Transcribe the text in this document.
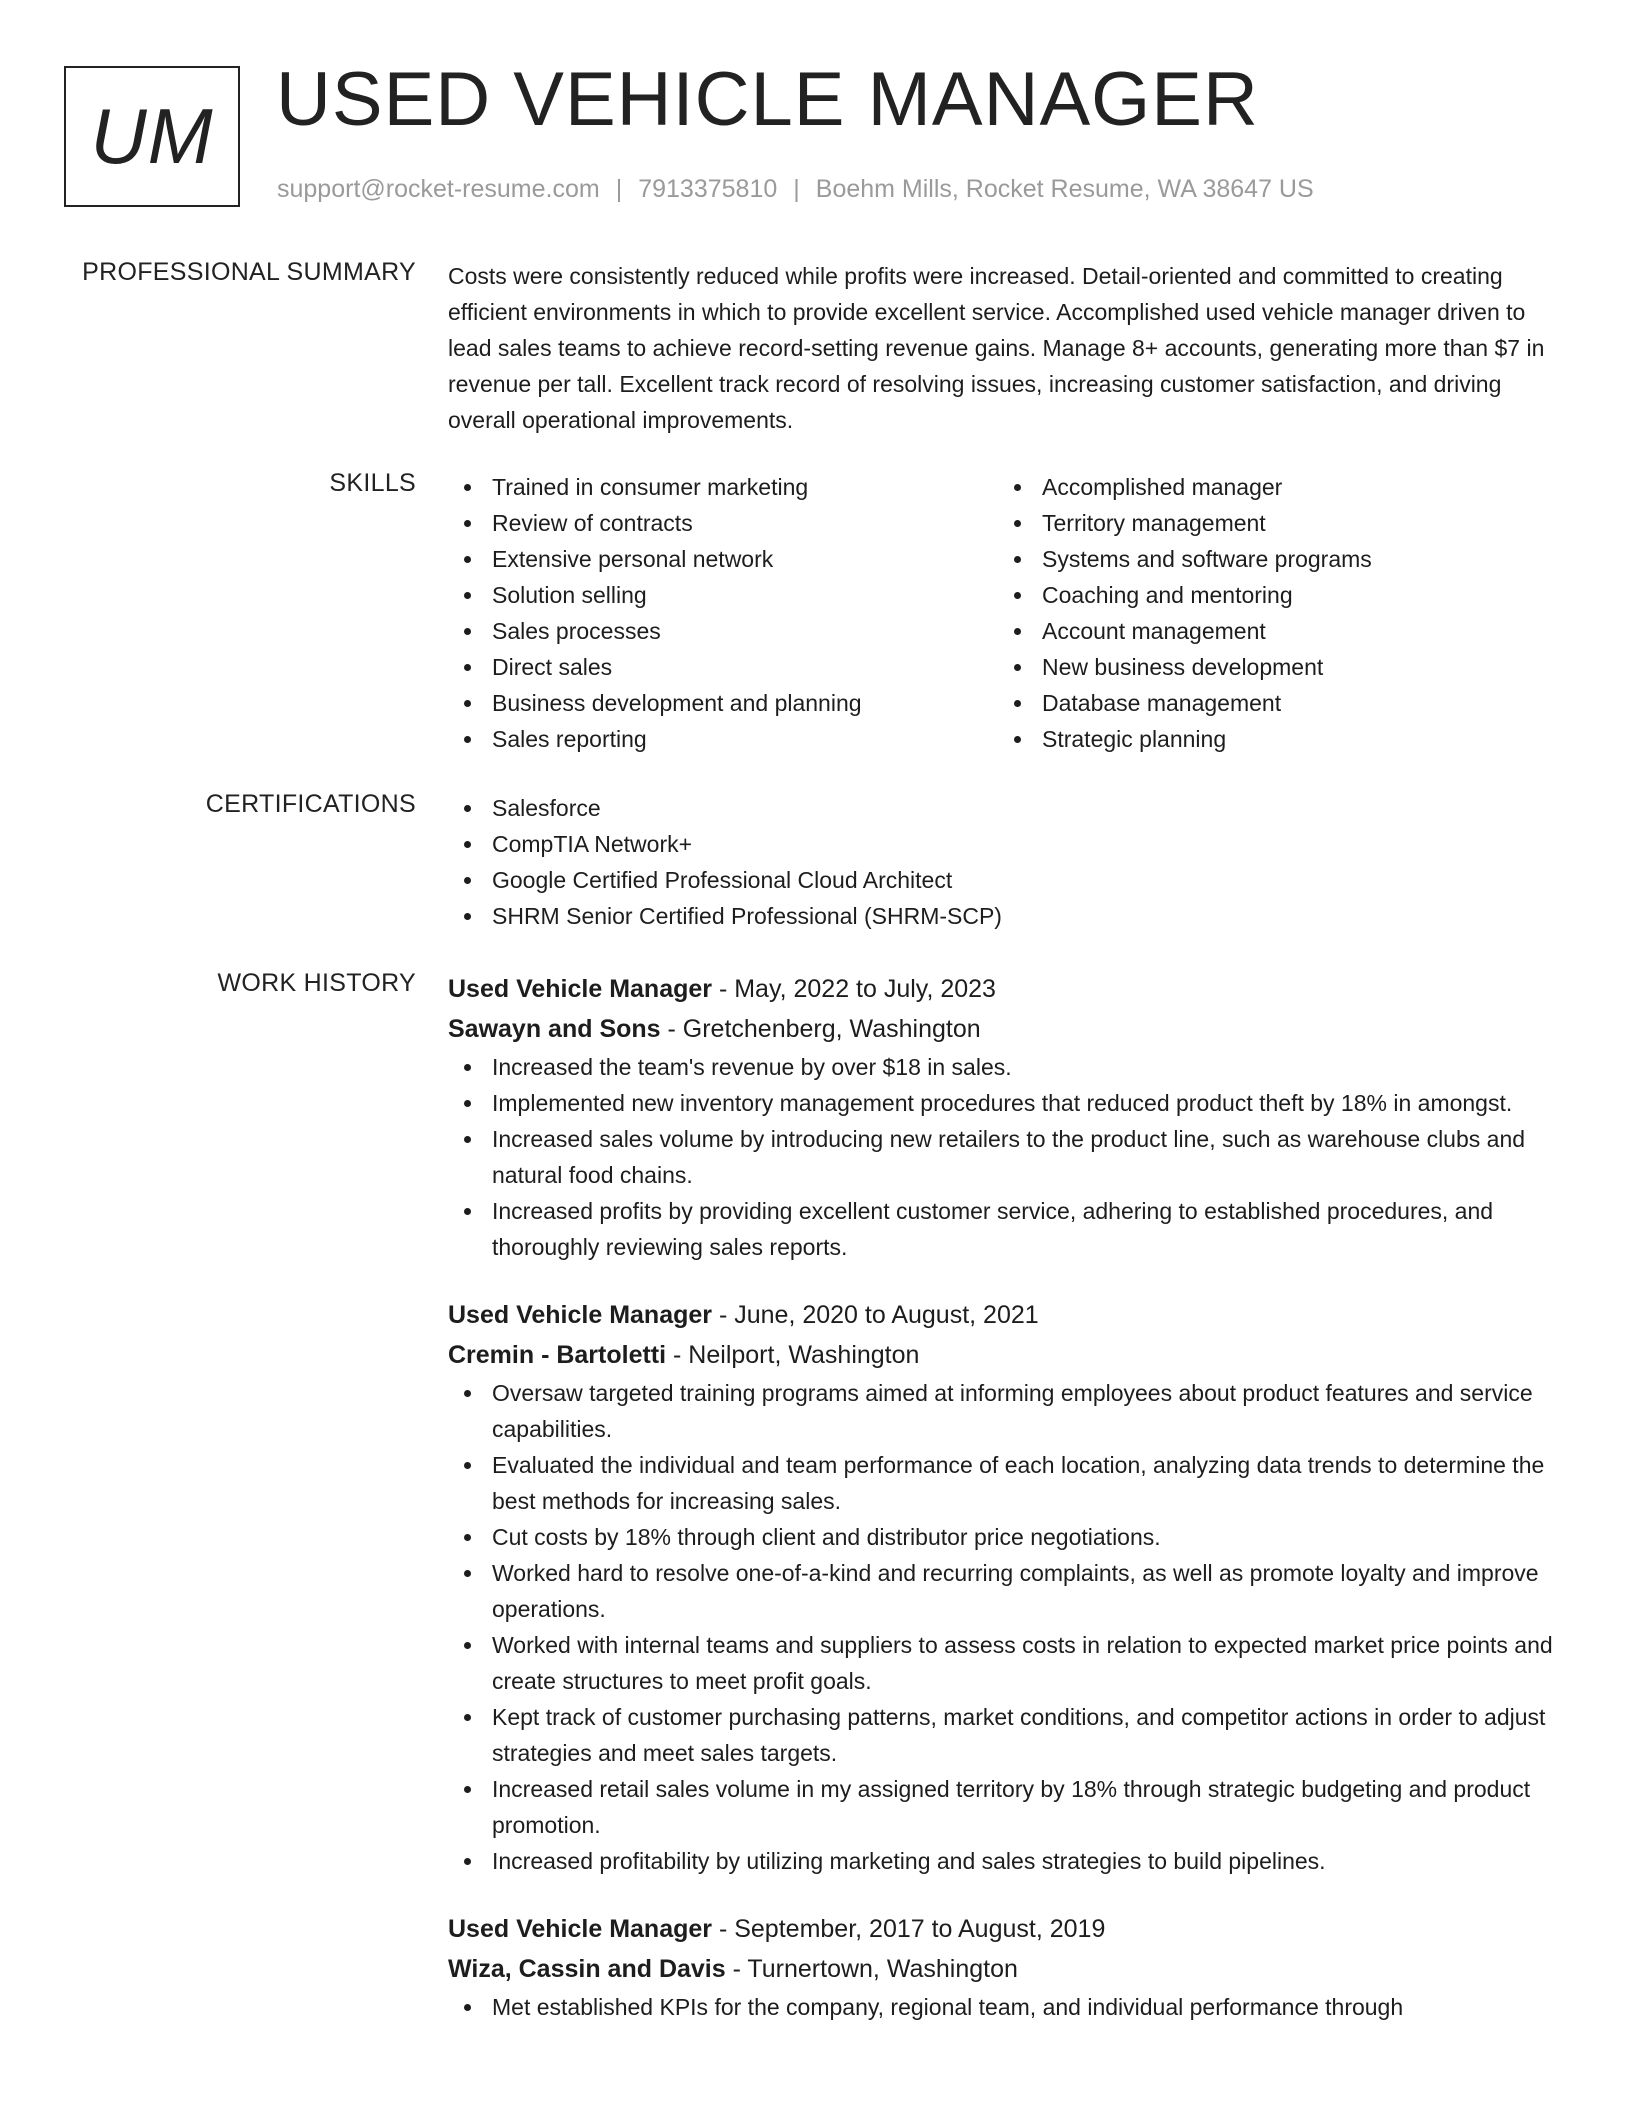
UM USED VEHICLE MANAGER
support@rocket-resume.com | 7913375810 | Boehm Mills, Rocket Resume, WA 38647 US
PROFESSIONAL SUMMARY Costs were consistently reduced while profits were increased. Detail-oriented and committed to creating efficient environments in which to provide excellent service. Accomplished used vehicle manager driven to lead sales teams to achieve record-setting revenue gains. Manage 8+ accounts, generating more than $7 in revenue per tall. Excellent track record of resolving issues, increasing customer satisfaction, and driving overall operational improvements.

SKILLS	Trained in consumer marketing
Review of contracts
Extensive personal network
Solution selling
Sales processes
Direct sales
Business development and planning
Sales reporting
Accomplished manager
Territory management
Systems and software programs
Coaching and mentoring
Account management
New business development
Database management
Strategic planning
CERTIFICATIONS	Salesforce
CompTIA Network+
Google Certified Professional Cloud Architect
SHRM Senior Certified Professional (SHRM-SCP)
WORK HISTORY Used Vehicle Manager - May, 2022 to July, 2023
Sawayn and Sons - Gretchenberg, Washington
Increased the team's revenue by over $18 in sales.
Implemented new inventory management procedures that reduced product theft by 18% in amongst.
Increased sales volume by introducing new retailers to the product line, such as warehouse clubs and natural food chains.
Increased profits by providing excellent customer service, adhering to established procedures, and thoroughly reviewing sales reports.
Used Vehicle Manager - June, 2020 to August, 2021
Cremin - Bartoletti - Neilport, Washington
Oversaw targeted training programs aimed at informing employees about product features and service capabilities.
Evaluated the individual and team performance of each location, analyzing data trends to determine the best methods for increasing sales.
Cut costs by 18% through client and distributor price negotiations.
Worked hard to resolve one-of-a-kind and recurring complaints, as well as promote loyalty and improve operations.
Worked with internal teams and suppliers to assess costs in relation to expected market price points and create structures to meet profit goals.
Kept track of customer purchasing patterns, market conditions, and competitor actions in order to adjust strategies and meet sales targets.
Increased retail sales volume in my assigned territory by 18% through strategic budgeting and product promotion.
Increased profitability by utilizing marketing and sales strategies to build pipelines.
Used Vehicle Manager - September, 2017 to August, 2019
Wiza, Cassin and Davis - Turnertown, Washington
Met established KPIs for the company, regional team, and individual performance through
